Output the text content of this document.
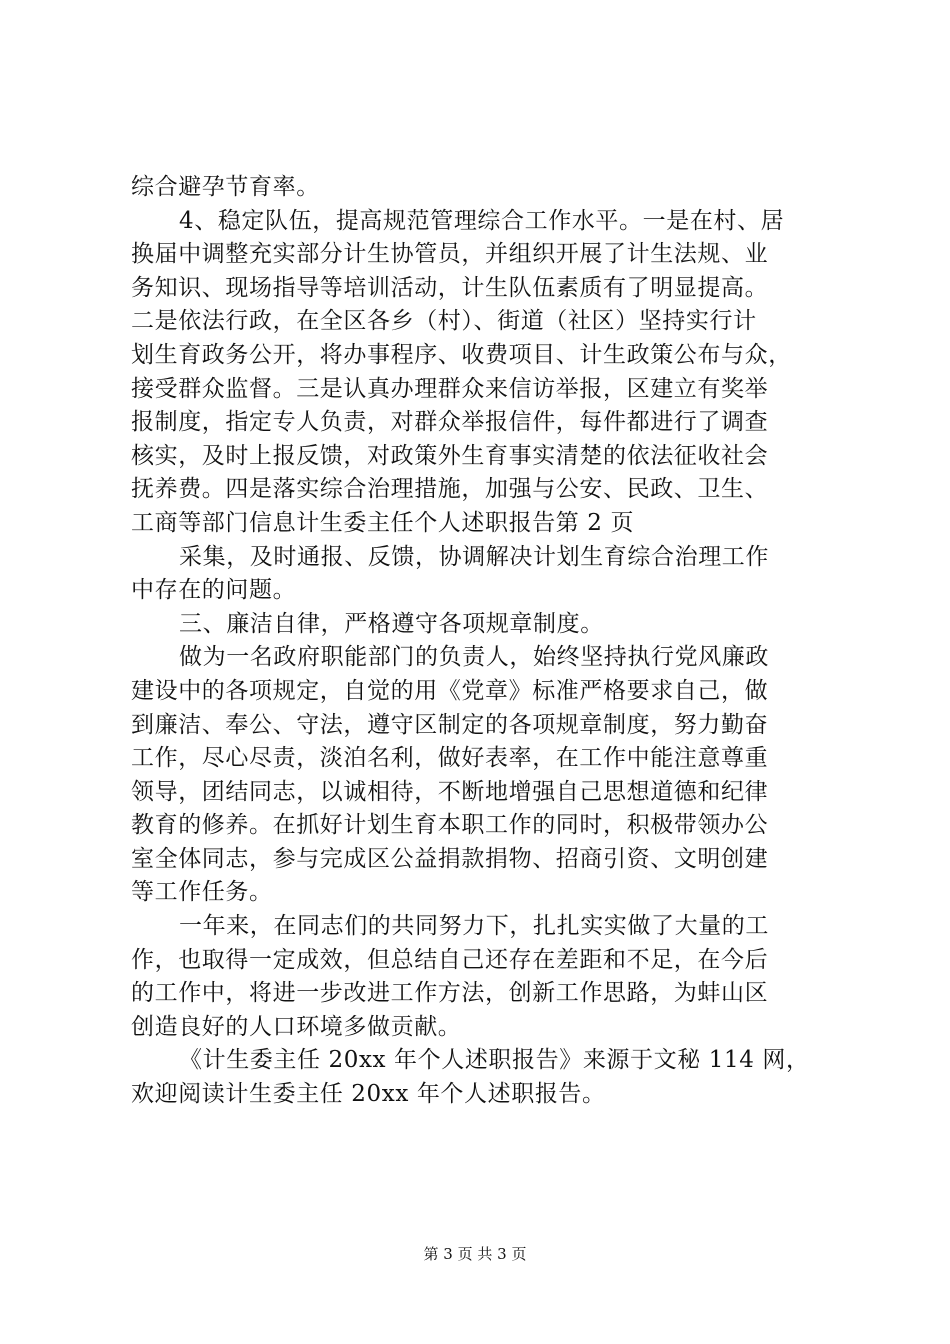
综合避孕节育率。
4、稳定队伍，提高规范管理综合工作水平。一是在村、居
换届中调整充实部分计生协管员，并组织开展了计生法规、业
务知识、现场指导等培训活动，计生队伍素质有了明显提高。
二是依法行政，在全区各乡（村）、街道（社区）坚持实行计
划生育政务公开，将办事程序、收费项目、计生政策公布与众，
接受群众监督。三是认真办理群众来信访举报，区建立有奖举
报制度，指定专人负责，对群众举报信件，每件都进行了调查
核实，及时上报反馈，对政策外生育事实清楚的依法征收社会
抚养费。四是落实综合治理措施，加强与公安、民政、卫生、
工商等部门信息计生委主任个人述职报告第 2 页
采集，及时通报、反馈，协调解决计划生育综合治理工作
中存在的问题。
三、廉洁自律，严格遵守各项规章制度。
做为一名政府职能部门的负责人，始终坚持执行党风廉政
建设中的各项规定，自觉的用《党章》标准严格要求自己，做
到廉洁、奉公、守法，遵守区制定的各项规章制度，努力勤奋
工作，尽心尽责，淡泊名利，做好表率，在工作中能注意尊重
领导，团结同志，以诚相待，不断地增强自己思想道德和纪律
教育的修养。在抓好计划生育本职工作的同时，积极带领办公
室全体同志，参与完成区公益捐款捐物、招商引资、文明创建
等工作任务。
一年来，在同志们的共同努力下，扎扎实实做了大量的工
作，也取得一定成效，但总结自己还存在差距和不足，在今后
的工作中，将进一步改进工作方法，创新工作思路，为蚌山区
创造良好的人口环境多做贡献。
《计生委主任 20xx 年个人述职报告》来源于文秘 114 网，
欢迎阅读计生委主任 20xx 年个人述职报告。
第 3 页 共 3 页
